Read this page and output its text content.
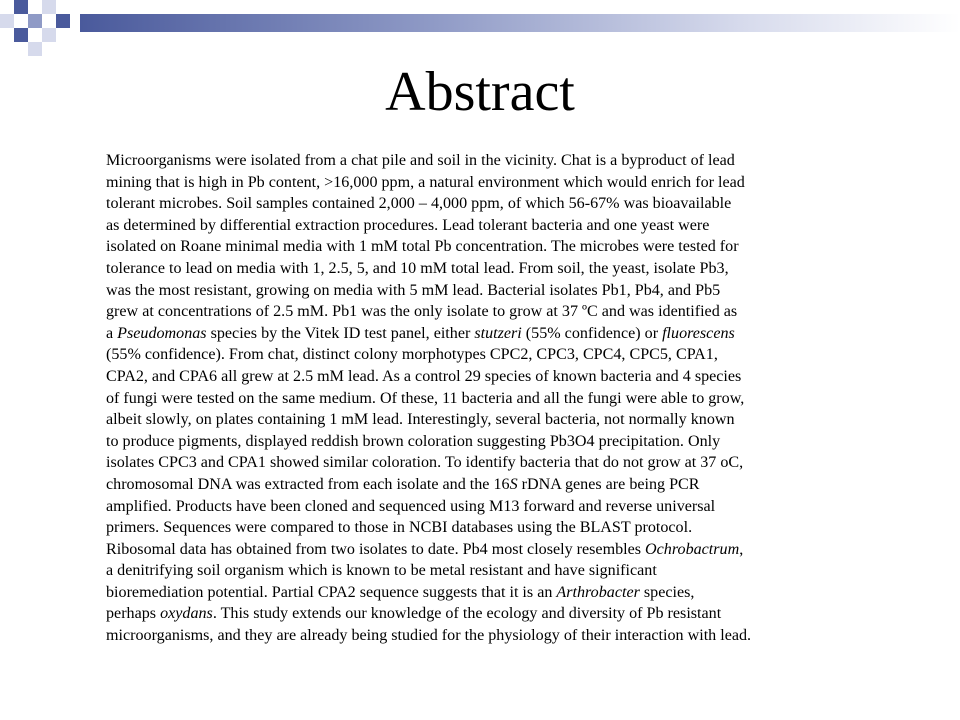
Abstract

Microorganisms were isolated from a chat pile and soil in the vicinity. Chat is a byproduct of lead
mining that is high in Pb content, >16,000 ppm, a natural environment which would enrich for lead
tolerant microbes. Soil samples contained 2,000 – 4,000 ppm, of which 56-67% was bioavailable
as determined by differential extraction procedures. Lead tolerant bacteria and one yeast were
isolated on Roane minimal media with 1 mM total Pb concentration. The microbes were tested for
tolerance to lead on media with 1, 2.5, 5, and 10 mM total lead. From soil, the yeast, isolate Pb3,
was the most resistant, growing on media with 5 mM lead. Bacterial isolates Pb1, Pb4, and Pb5
grew at concentrations of 2.5 mM. Pb1 was the only isolate to grow at 37 ºC and was identified as
a Pseudomonas species by the Vitek ID test panel, either stutzeri (55% confidence) or fluorescens
(55% confidence). From chat, distinct colony morphotypes CPC2, CPC3, CPC4, CPC5, CPA1,
CPA2, and CPA6 all grew at 2.5 mM lead. As a control 29 species of known bacteria and 4 species
of fungi were tested on the same medium. Of these, 11 bacteria and all the fungi were able to grow,
albeit slowly, on plates containing 1 mM lead. Interestingly, several bacteria, not normally known
to produce pigments, displayed reddish brown coloration suggesting Pb3O4 precipitation. Only
isolates CPC3 and CPA1 showed similar coloration. To identify bacteria that do not grow at 37 oC,
chromosomal DNA was extracted from each isolate and the 16S rDNA genes are being PCR
amplified. Products have been cloned and sequenced using M13 forward and reverse universal
primers. Sequences were compared to those in NCBI databases using the BLAST protocol.
Ribosomal data has obtained from two isolates to date. Pb4 most closely resembles Ochrobactrum,
a denitrifying soil organism which is known to be metal resistant and have significant
bioremediation potential. Partial CPA2 sequence suggests that it is an Arthrobacter species,
perhaps oxydans. This study extends our knowledge of the ecology and diversity of Pb resistant
microorganisms, and they are already being studied for the physiology of their interaction with lead.
